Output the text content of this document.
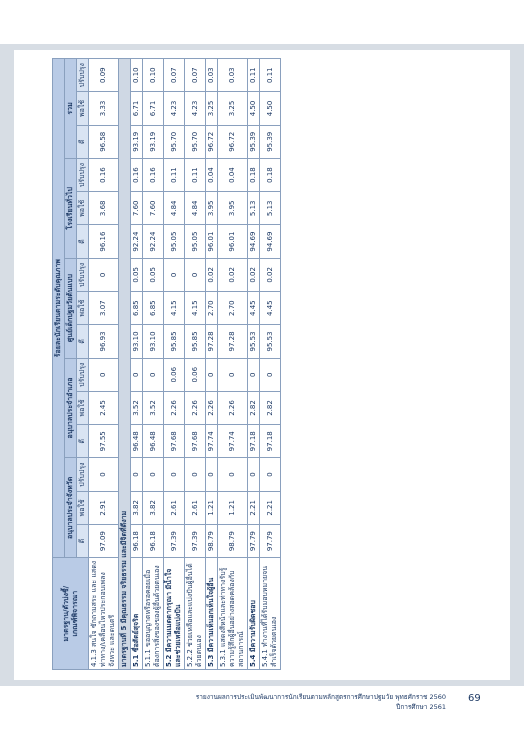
มาตรฐาน/ตัวบ่งชี้/
เกณฑ์พิจารณา	ร้อยละนักเรียนตามระดับคุณภาพ														
	อนุบาลประจำจังหวัด			อนุบาลประจำอำเภอ			ศูนย์เด็กปฐมวัยต้นแบบ			โรงเรียนทั่วไป			รวม		
	ดี	พอใช้	ปรับปรุง	ดี	พอใช้	ปรับปรุง	ดี	พอใช้	ปรับปรุง	ดี	พอใช้	ปรับปรุง	ดี	พอใช้	ปรับปรุง
4.1.3 สนใจ ซักถามสระ และ แสดงท่าทาง/เคลื่อนไหวประกอบเพลง จังหวะ และดนตรี	97.09	2.91	0	97.55	2.45	0	96.93	3.07	0	96.16	3.68	0.16	96.58	3.33	0.09
มาตรฐานที่ 5 มีคุณธรรม จริยธรรม และมีจิตที่ดีงาม															
5.1 ซื่อสัตย์สุจริต	96.18	3.82	0	96.48	3.52	0	93.10	6.85	0.05	92.24	7.60	0.16	93.19	6.71	0.10
5.1.1 ขออนุญาตหรือรอคอยเมื่อต้องการสิ่งของของผู้อื่นด้วยตนเอง	96.18	3.82	0	96.48	3.52	0	93.10	6.85	0.05	92.24	7.60	0.16	93.19	6.71	0.10
5.2 มีความเมตตากรุณา มีน้ำใจ และช่วยเหลือแบ่งปัน	97.39	2.61	0	97.68	2.26	0.06	95.85	4.15	0	95.05	4.84	0.11	95.70	4.23	0.07
5.2.2 ช่วยเหลือและแบ่งปันผู้อื่นได้ด้วยตนเอง	97.39	2.61	0	97.68	2.26	0.06	95.85	4.15	0	95.05	4.84	0.11	95.70	4.23	0.07
5.3 มีความเห็นอกเห็นใจผู้อื่น	98.79	1.21	0	97.74	2.26	0	97.28	2.70	0.02	96.01	3.95	0.04	96.72	3.25	0.03
5.3.1 แสดงสีหน้าและท่าทางรับรู้ความรู้สึกผู้อื่นอย่างสอดคล้องกับสถานการณ์	98.79	1.21	0	97.74	2.26	0	97.28	2.70	0.02	96.01	3.95	0.04	96.72	3.25	0.03
5.4 มีความรับผิดชอบ	97.79	2.21	0	97.18	2.82	0	95.53	4.45	0.02	94.69	5.13	0.18	95.39	4.50	0.11
5.4.1 ทำงานที่ได้รับมอบหมายจนสำเร็จด้วยตนเอง	97.79	2.21	0	97.18	2.82	0	95.53	4.45	0.02	94.69	5.13	0.18	95.39	4.50	0.11
รายงานผลการประเมินพัฒนาการนักเรียนตามหลักสูตรการศึกษาปฐมวัย พุทธศักราช 2560
ปีการศึกษา 2561
69
